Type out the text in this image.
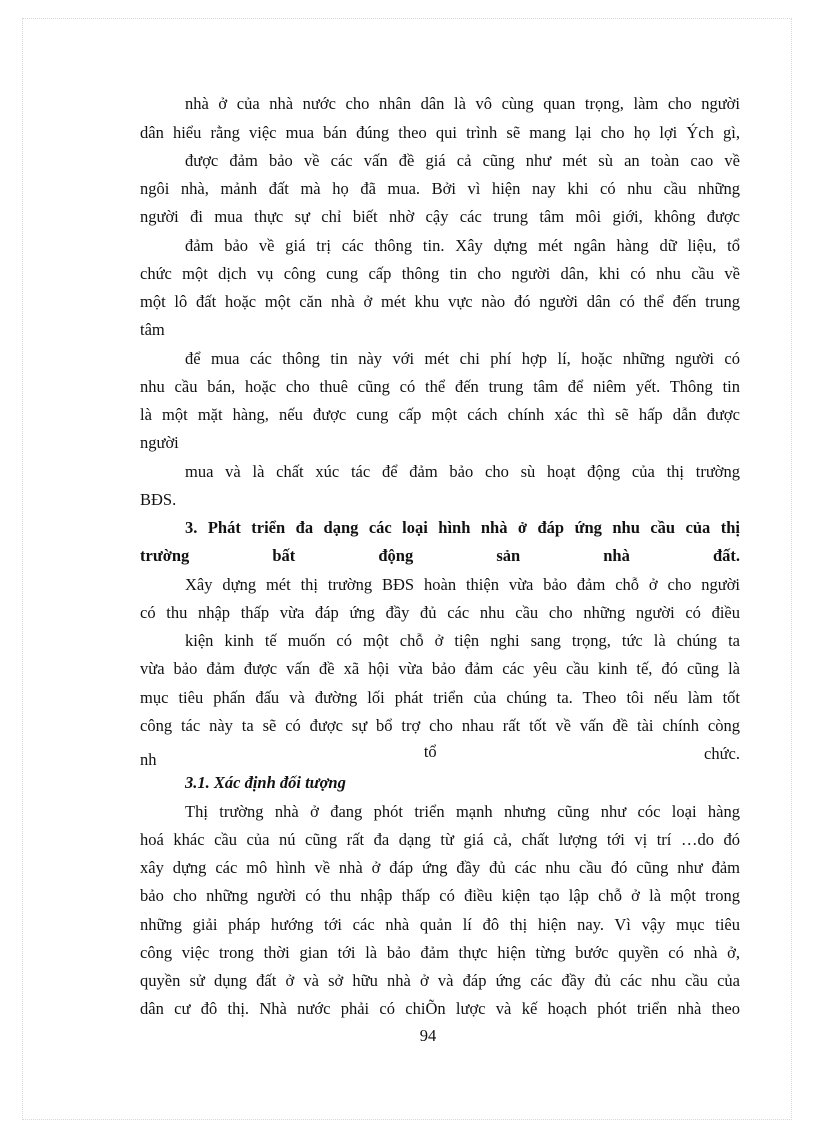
nhà ở của nhà nước cho nhân dân là vô cùng quan trọng, làm cho người
dân hiểu rằng việc mua bán đúng theo qui trình sẽ mang lại cho họ lợi Ých gì,
được đảm bảo về các vấn đề giá cả cũng như mét sù an toàn cao về
ngôi nhà, mảnh đất mà họ đã mua. Bởi vì hiện nay khi có nhu cầu những
người đi mua thực sự chỉ biết nhờ cậy các trung tâm môi giới, không được
đảm bảo về giá trị các thông tin. Xây dựng mét ngân hàng dữ liệu, tổ
chức một dịch vụ công cung cấp thông tin cho người dân, khi có nhu cầu về
một lô đất hoặc một căn nhà ở mét khu vực nào đó người dân có thể đến trung
tâm
để mua các thông tin này với mét chi phí hợp lí, hoặc những người có
nhu cầu bán, hoặc cho thuê cũng có thể đến trung tâm để niêm yết. Thông tin
là một mặt hàng, nếu được cung cấp một cách chính xác thì sẽ hấp dẫn được
người
mua và là chất xúc tác để đảm bảo cho sù hoạt động của thị trường
BĐS.
3. Phát triển đa dạng các loại hình nhà ở đáp ứng nhu cầu của thị
trường	bất	động	sản	nhà	đất.
Xây dựng mét thị trường BĐS hoàn thiện vừa bảo đảm chỗ ở cho người
có thu nhập thấp vừa đáp ứng đầy đủ các nhu cầu cho những người có điều
kiện kinh tế muốn có một chỗ ở tiện nghi sang trọng, tức là chúng ta
vừa bảo đảm được vấn đề xã hội vừa bảo đảm các yêu cầu kinh tế, đó cũng là
mục tiêu phấn đấu và đường lối phát triển của chúng ta. Theo tôi nếu làm tốt
công tác này ta sẽ có được sự bổ trợ cho nhau rất tốt về vấn đề tài chính còng
nh	tổ	chức.
3.1. Xác định đối tượng
Thị trường nhà ở đang phót triển mạnh nhưng cũng như cóc loại hàng
hoá khác cầu của nú cũng rất đa dạng từ giá cả, chất lượng tới vị trí …do đó
xây dựng các mô hình về nhà ở đáp ứng đầy đủ các nhu cầu đó cũng như đảm
bảo cho những người có thu nhập thấp có điều kiện tạo lập chỗ ở là một trong
những giải pháp hướng tới các nhà quản lí đô thị hiện nay. Vì vậy mục tiêu
công việc trong thời gian tới là bảo đảm thực hiện từng bước quyền có nhà ở,
quyền sử dụng đất ở và sở hữu nhà ở và đáp ứng các đầy đủ các nhu cầu của
dân cư đô thị. Nhà nước phải có chiÕn lược và kế hoạch phót triển nhà theo
94
